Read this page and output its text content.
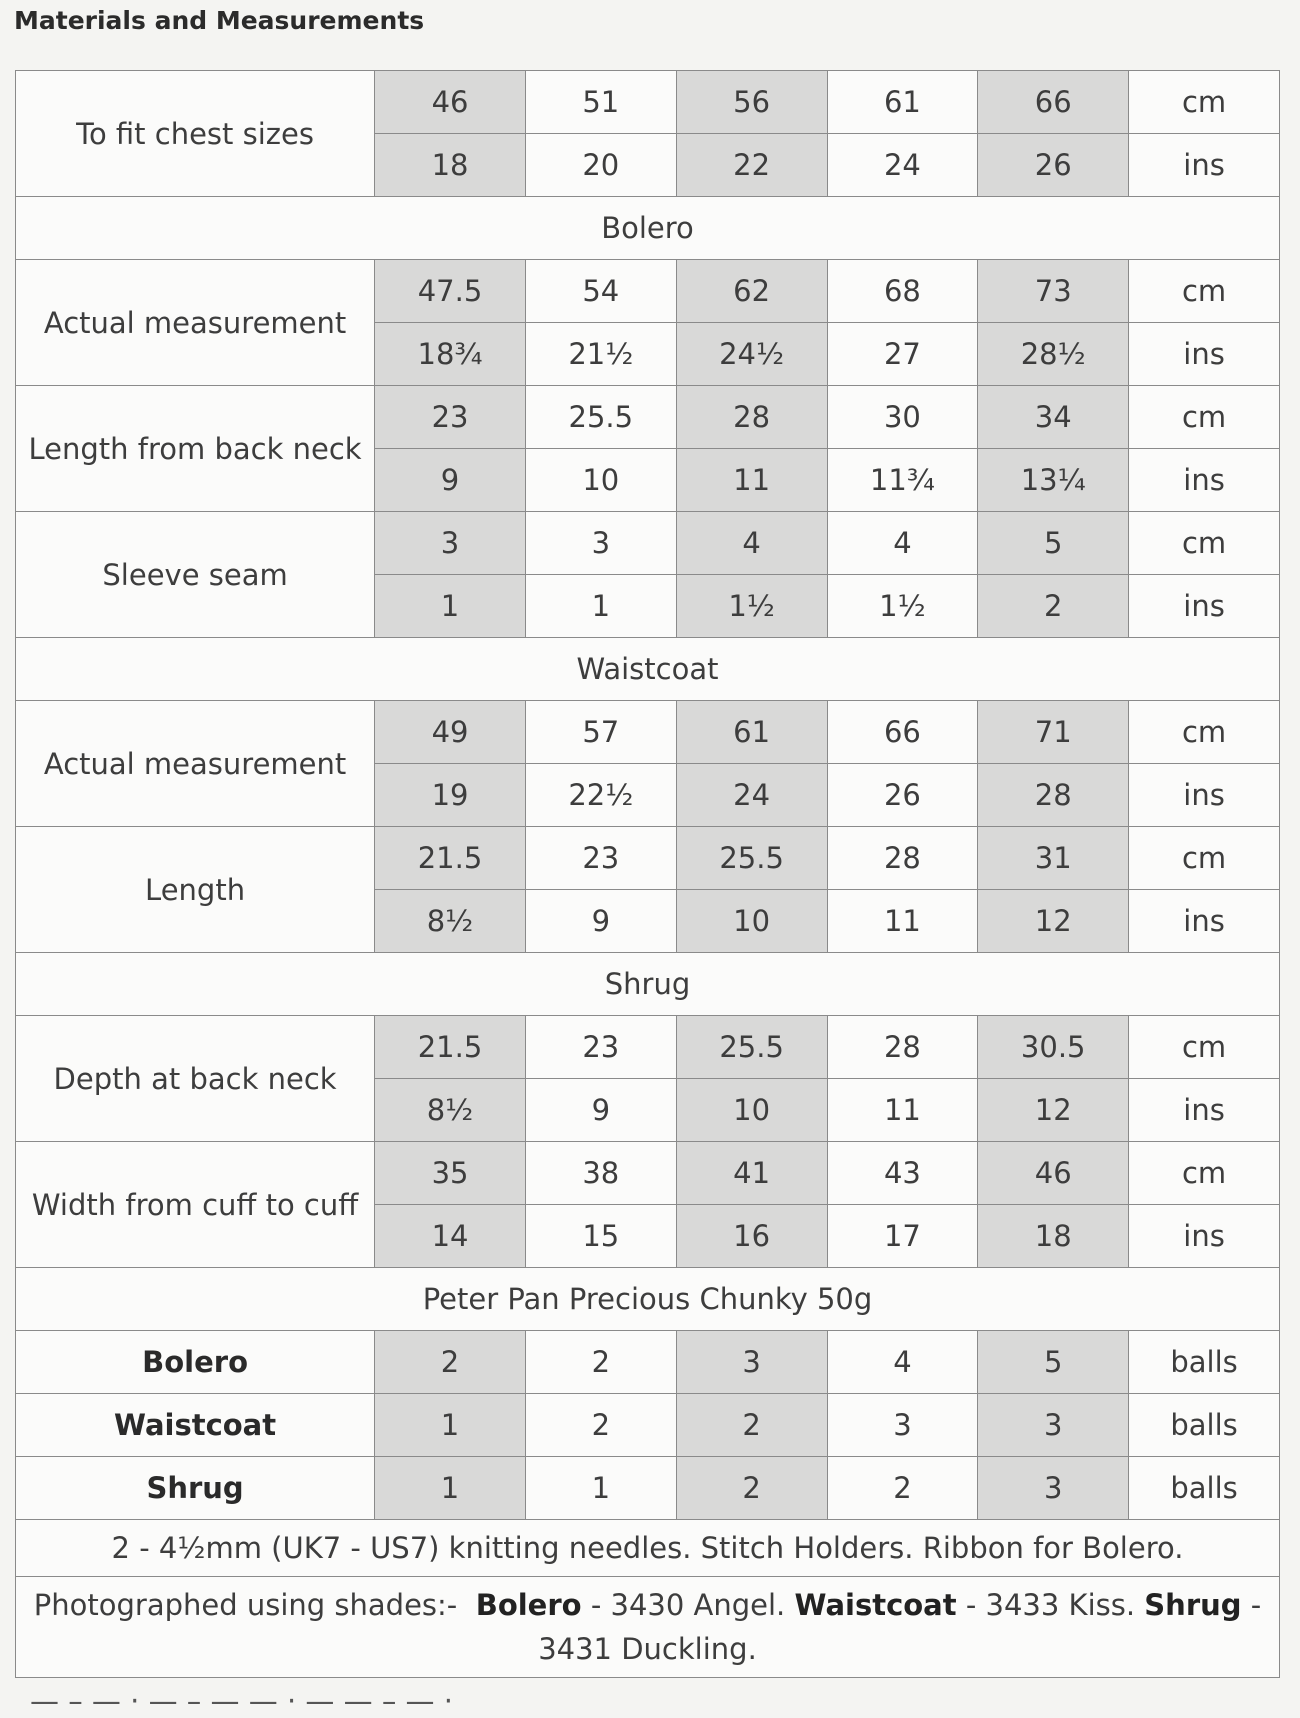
Materials and Measurements
To fit chest sizes	46	51	56	61	66	cm
	18	20	22	24	26	ins
Bolero						
Actual measurement	47.5	54	62	68	73	cm
	18¾	21½	24½	27	28½	ins
Length from back neck	23	25.5	28	30	34	cm
	9	10	11	11¾	13¼	ins
Sleeve seam	3	3	4	4	5	cm
	1	1	1½	1½	2	ins
Waistcoat						
Actual measurement	49	57	61	66	71	cm
	19	22½	24	26	28	ins
Length	21.5	23	25.5	28	31	cm
	8½	9	10	11	12	ins
Shrug						
Depth at back neck	21.5	23	25.5	28	30.5	cm
	8½	9	10	11	12	ins
Width from cuff to cuff	35	38	41	43	46	cm
	14	15	16	17	18	ins
Peter Pan Precious Chunky 50g						
Bolero	2	2	3	4	5	balls
Waistcoat	1	2	2	3	3	balls
Shrug	1	1	2	2	3	balls
2 - 4½mm (UK7 - US7) knitting needles. Stitch Holders. Ribbon for Bolero.						
Photographed using shades:- Bolero - 3430 Angel. Waistcoat - 3433 Kiss. Shrug - 3431 Duckling.						
— – — · — – — — · — — – — ·
